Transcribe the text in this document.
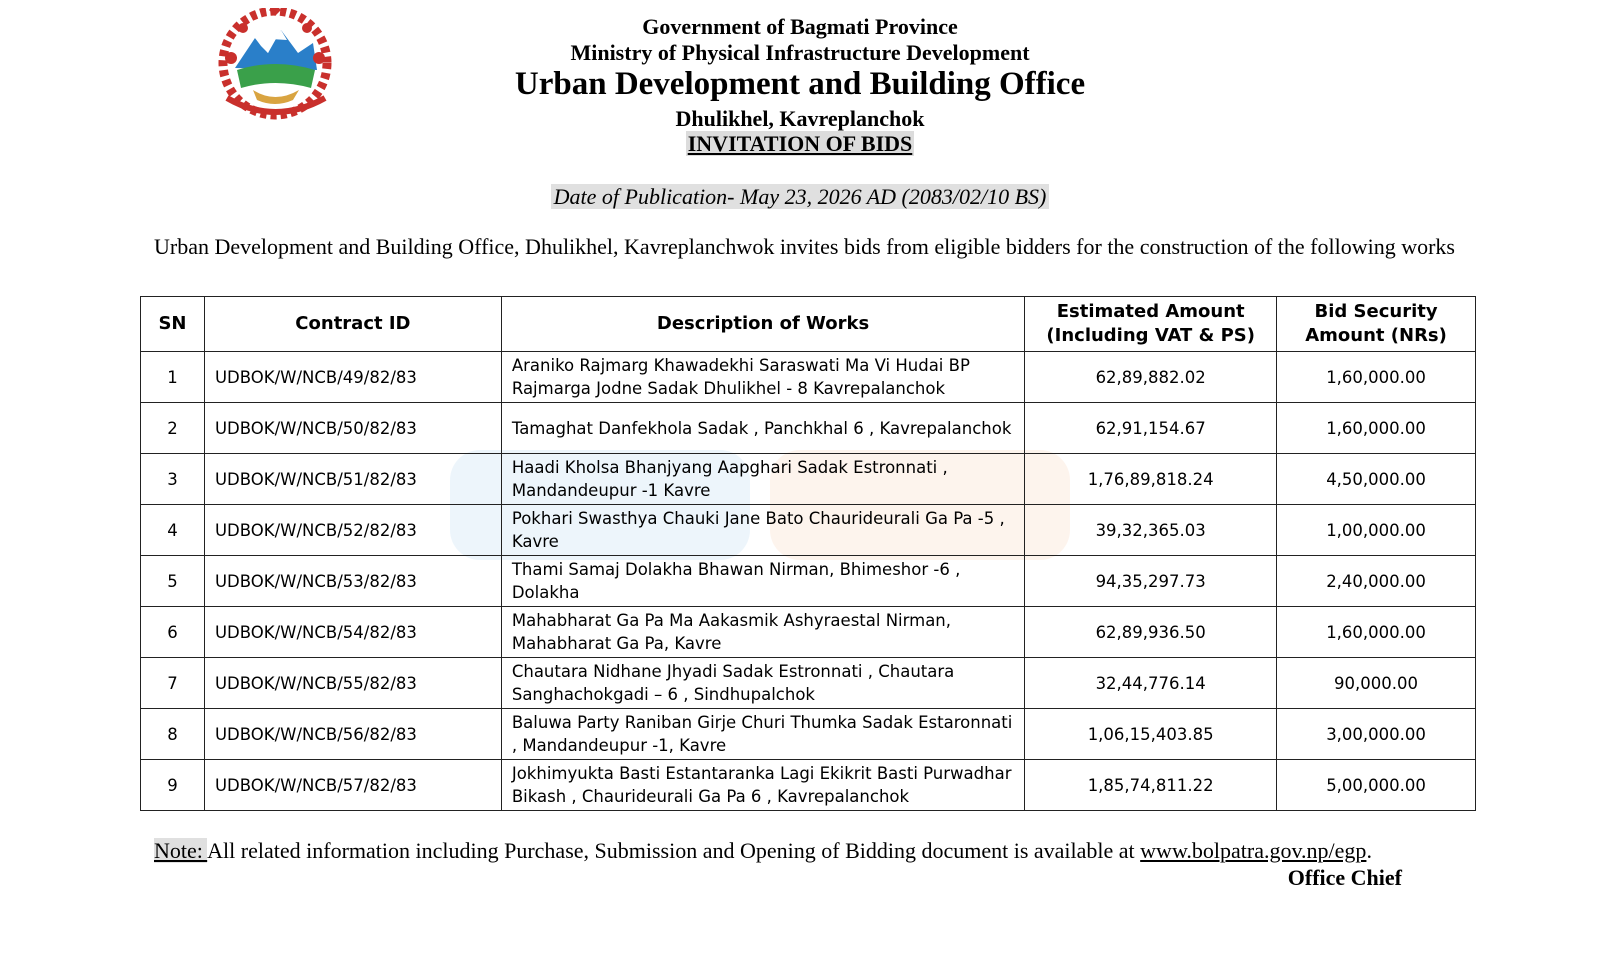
Government of Bagmati Province
Ministry of Physical Infrastructure Development
Urban Development and Building Office
Dhulikhel, Kavreplanchok
INVITATION OF BIDS
Date of Publication- May 23, 2026 AD (2083/02/10 BS)
Urban Development and Building Office, Dhulikhel, Kavreplanchwok invites bids from eligible bidders for the construction of the following works
SN	Contract ID	Description of Works	Estimated Amount (Including VAT & PS)	Bid Security Amount (NRs)
1	UDBOK/W/NCB/49/82/83	Araniko Rajmarg Khawadekhi Saraswati Ma Vi Hudai BP Rajmarga Jodne Sadak Dhulikhel - 8 Kavrepalanchok	62,89,882.02	1,60,000.00
2	UDBOK/W/NCB/50/82/83	Tamaghat Danfekhola Sadak , Panchkhal 6 , Kavrepalanchok	62,91,154.67	1,60,000.00
3	UDBOK/W/NCB/51/82/83	Haadi Kholsa Bhanjyang Aapghari Sadak Estronnati , Mandandeupur -1 Kavre	1,76,89,818.24	4,50,000.00
4	UDBOK/W/NCB/52/82/83	Pokhari Swasthya Chauki Jane Bato Chaurideurali Ga Pa -5 , Kavre	39,32,365.03	1,00,000.00
5	UDBOK/W/NCB/53/82/83	Thami Samaj Dolakha Bhawan Nirman, Bhimeshor -6 , Dolakha	94,35,297.73	2,40,000.00
6	UDBOK/W/NCB/54/82/83	Mahabharat Ga Pa Ma Aakasmik Ashyraestal Nirman, Mahabharat Ga Pa, Kavre	62,89,936.50	1,60,000.00
7	UDBOK/W/NCB/55/82/83	Chautara Nidhane Jhyadi Sadak Estronnati , Chautara Sanghachokgadi – 6 , Sindhupalchok	32,44,776.14	90,000.00
8	UDBOK/W/NCB/56/82/83	Baluwa Party Raniban Girje Churi Thumka Sadak Estaronnati , Mandandeupur -1, Kavre	1,06,15,403.85	3,00,000.00
9	UDBOK/W/NCB/57/82/83	Jokhimyukta Basti Estantaranka Lagi Ekikrit Basti Purwadhar Bikash , Chaurideurali Ga Pa 6 , Kavrepalanchok	1,85,74,811.22	5,00,000.00
Note: All related information including Purchase, Submission and Opening of Bidding document is available at www.bolpatra.gov.np/egp.
Office Chief
